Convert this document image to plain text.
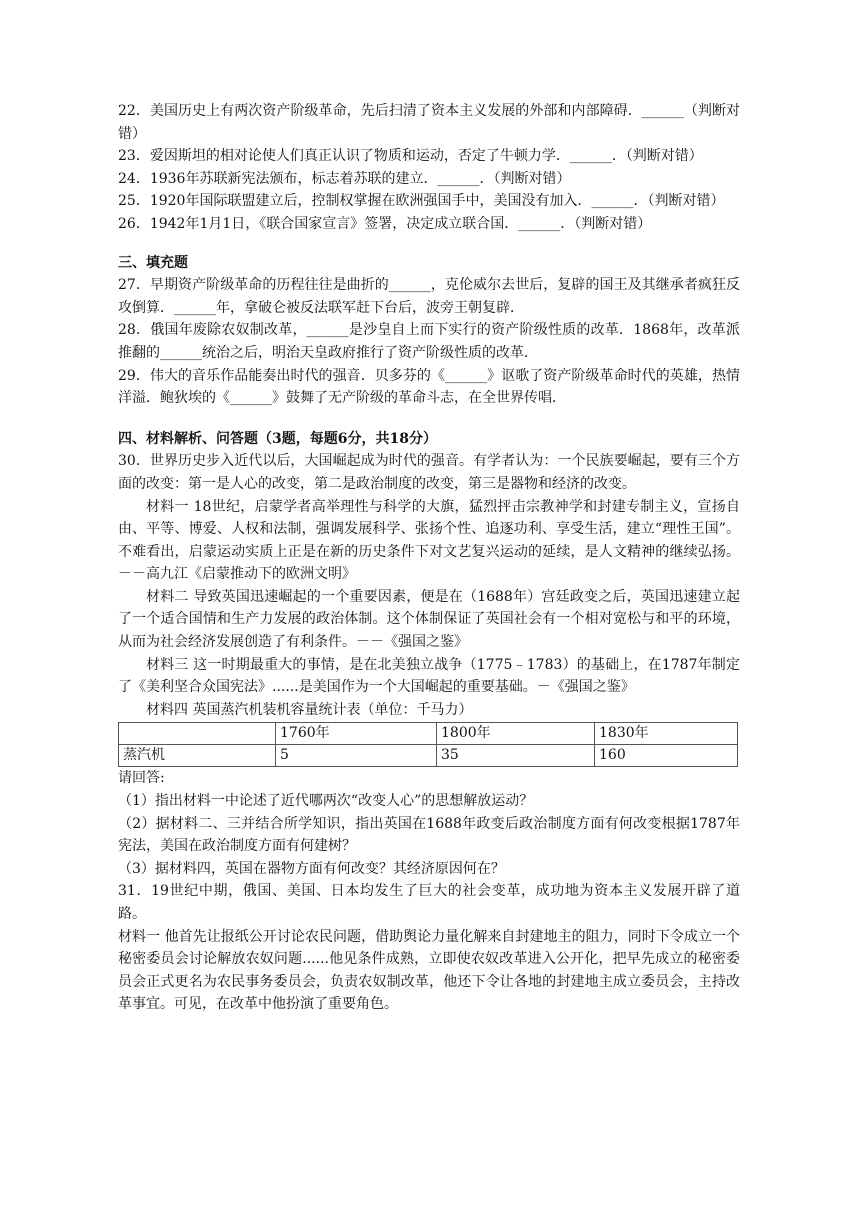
22．美国历史上有两次资产阶级革命，先后扫清了资本主义发展的外部和内部障碍．______（判断对错）

23．爱因斯坦的相对论使人们真正认识了物质和运动，否定了牛顿力学．______．（判断对错）

24．1936年苏联新宪法颁布，标志着苏联的建立．______．（判断对错）

25．1920年国际联盟建立后，控制权掌握在欧洲强国手中，美国没有加入．______．（判断对错）

26．1942年1月1日，《联合国家宣言》签署，决定成立联合国．______．（判断对错）

三、填充题

27．早期资产阶级革命的历程往往是曲折的______，克伦威尔去世后，复辟的国王及其继承者疯狂反攻倒算．______年，拿破仑被反法联军赶下台后，波旁王朝复辟．

28．俄国年废除农奴制改革，______是沙皇自上而下实行的资产阶级性质的改革．1868年，改革派推翻的______统治之后，明治天皇政府推行了资产阶级性质的改革．

29．伟大的音乐作品能奏出时代的强音．贝多芬的《______》讴歌了资产阶级革命时代的英雄，热情洋溢．鲍狄埃的《______》鼓舞了无产阶级的革命斗志，在全世界传唱．

四、材料解析、问答题（3题，每题6分，共18分）

30．世界历史步入近代以后，大国崛起成为时代的强音。有学者认为：一个民族要崛起，要有三个方面的改变：第一是人心的改变，第二是政治制度的改变，第三是器物和经济的改变。

材料一 18世纪，启蒙学者高举理性与科学的大旗，猛烈抨击宗教神学和封建专制主义，宣扬自由、平等、博爱、人权和法制，强调发展科学、张扬个性、追逐功利、享受生活，建立“理性王国”。不难看出，启蒙运动实质上正是在新的历史条件下对文艺复兴运动的延续，是人文精神的继续弘扬。－－高九江《启蒙推动下的欧洲文明》

材料二 导致英国迅速崛起的一个重要因素，便是在（1688年）宫廷政变之后，英国迅速建立起了一个适合国情和生产力发展的政治体制。这个体制保证了英国社会有一个相对宽松与和平的环境，从而为社会经济发展创造了有利条件。－－《强国之鉴》

材料三 这一时期最重大的事情，是在北美独立战争（1775﹣1783）的基础上，在1787年制定了《美利坚合众国宪法》......是美国作为一个大国崛起的重要基础。－《强国之鉴》

材料四 英国蒸汽机装机容量统计表（单位：千马力）

	1760年	1800年	1830年
蒸汽机	5	35	160

请回答:

（1）指出材料一中论述了近代哪两次“改变人心”的思想解放运动？

（2）据材料二、三并结合所学知识，指出英国在1688年政变后政治制度方面有何改变根据1787年宪法，美国在政治制度方面有何建树？

（3）据材料四，英国在器物方面有何改变？其经济原因何在？

31．19世纪中期，俄国、美国、日本均发生了巨大的社会变革，成功地为资本主义发展开辟了道路。

材料一 他首先让报纸公开讨论农民问题，借助舆论力量化解来自封建地主的阻力，同时下令成立一个秘密委员会讨论解放农奴问题......他见条件成熟，立即使农奴改革进入公开化，把早先成立的秘密委员会正式更名为农民事务委员会，负责农奴制改革，他还下令让各地的封建地主成立委员会，主持改革事宜。可见，在改革中他扮演了重要角色。
